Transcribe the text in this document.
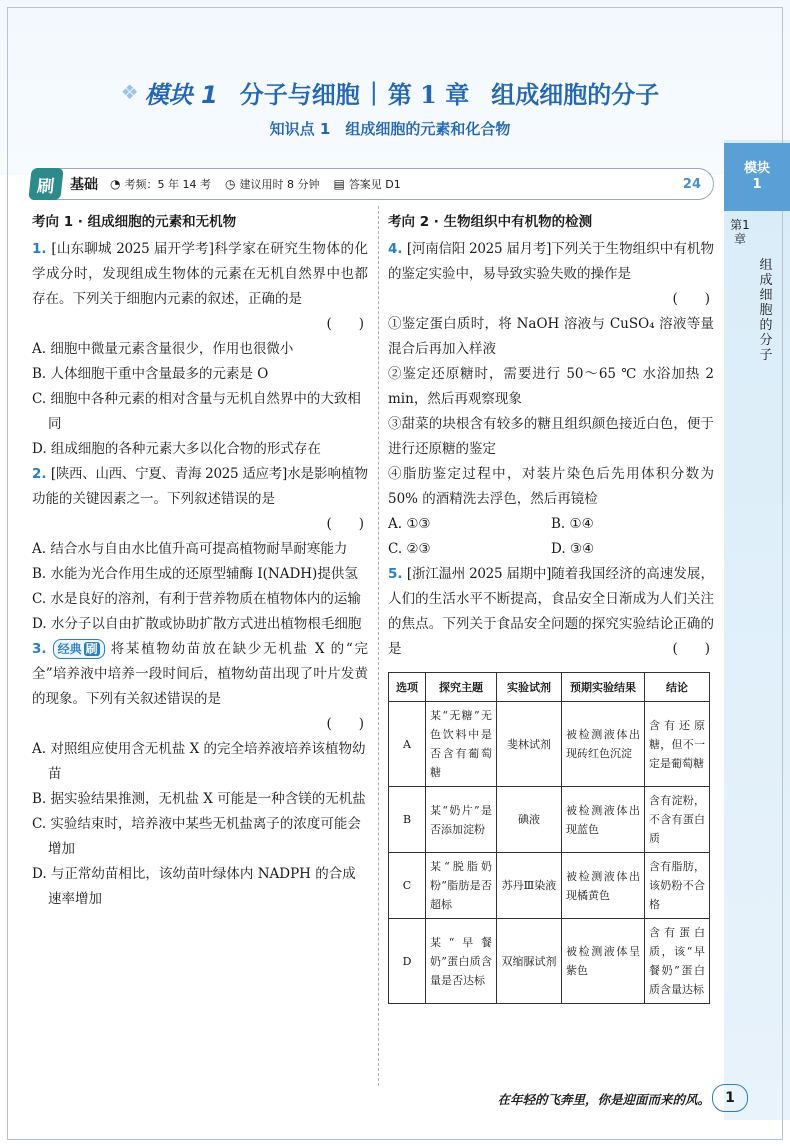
模块
1
第1章
组成细胞的分子
❖ 模块 1 分子与细胞 | 第 1 章 组成细胞的分子
知识点 1　组成细胞的元素和化合物
刷	基础 ◔ 考频：5 年 14 考 ◷ 建议用时 8 分钟 ▤ 答案见 D1	24
考向 1 · 组成细胞的元素和无机物
1. [山东聊城 2025 届开学考]科学家在研究生物体的化学成分时，发现组成生物体的元素在无机自然界中也都存在。下列关于细胞内元素的叙述，正确的是
(　　)
A. 细胞中微量元素含量很少，作用也很微小
B. 人体细胞干重中含量最多的元素是 O
C. 细胞中各种元素的相对含量与无机自然界中的大致相同
D. 组成细胞的各种元素大多以化合物的形式存在
2. [陕西、山西、宁夏、青海 2025 适应考]水是影响植物功能的关键因素之一。下列叙述错误的是
(　　)
A. 结合水与自由水比值升高可提高植物耐旱耐寒能力
B. 水能为光合作用生成的还原型辅酶 Ⅰ(NADH)提供氢
C. 水是良好的溶剂，有利于营养物质在植物体内的运输
D. 水分子以自由扩散或协助扩散方式进出植物根毛细胞
3. 经典 刷 将某植物幼苗放在缺少无机盐 X 的“完全”培养液中培养一段时间后，植物幼苗出现了叶片发黄的现象。下列有关叙述错误的是
(　　)
A. 对照组应使用含无机盐 X 的完全培养液培养该植物幼苗
B. 据实验结果推测，无机盐 X 可能是一种含镁的无机盐
C. 实验结束时，培养液中某些无机盐离子的浓度可能会增加
D. 与正常幼苗相比，该幼苗叶绿体内 NADPH 的合成速率增加
考向 2 · 生物组织中有机物的检测
4. [河南信阳 2025 届月考]下列关于生物组织中有机物的鉴定实验中，易导致实验失败的操作是
(　　)
①鉴定蛋白质时，将 NaOH 溶液与 CuSO₄ 溶液等量混合后再加入样液
②鉴定还原糖时，需要进行 50～65 ℃ 水浴加热 2 min，然后再观察现象
③甜菜的块根含有较多的糖且组织颜色接近白色，便于进行还原糖的鉴定
④脂肪鉴定过程中，对装片染色后先用体积分数为 50% 的酒精洗去浮色，然后再镜检
A. ①③	B. ①④
C. ②③	D. ③④
5. [浙江温州 2025 届期中]随着我国经济的高速发展，人们的生活水平不断提高，食品安全日渐成为人们关注的焦点。下列关于食品安全问题的探究实验结论正确的是	(　　)
选项	探究主题	实验试剂	预期实验结果	结论
A	某“无糖”无色饮料中是否含有葡萄糖	斐林试剂	被检测液体出现砖红色沉淀	含有还原糖，但不一定是葡萄糖
B	某“奶片”是否添加淀粉	碘液	被检测液体出现蓝色	含有淀粉，不含有蛋白质
C	某“脱脂奶粉”脂肪是否超标	苏丹Ⅲ染液	被检测液体出现橘黄色	含有脂肪，该奶粉不合格
D	某“早餐奶”蛋白质含量是否达标	双缩脲试剂	被检测液体呈紫色	含有蛋白质，该“早餐奶”蛋白质含量达标
在年轻的飞奔里，你是迎面而来的风。	1
